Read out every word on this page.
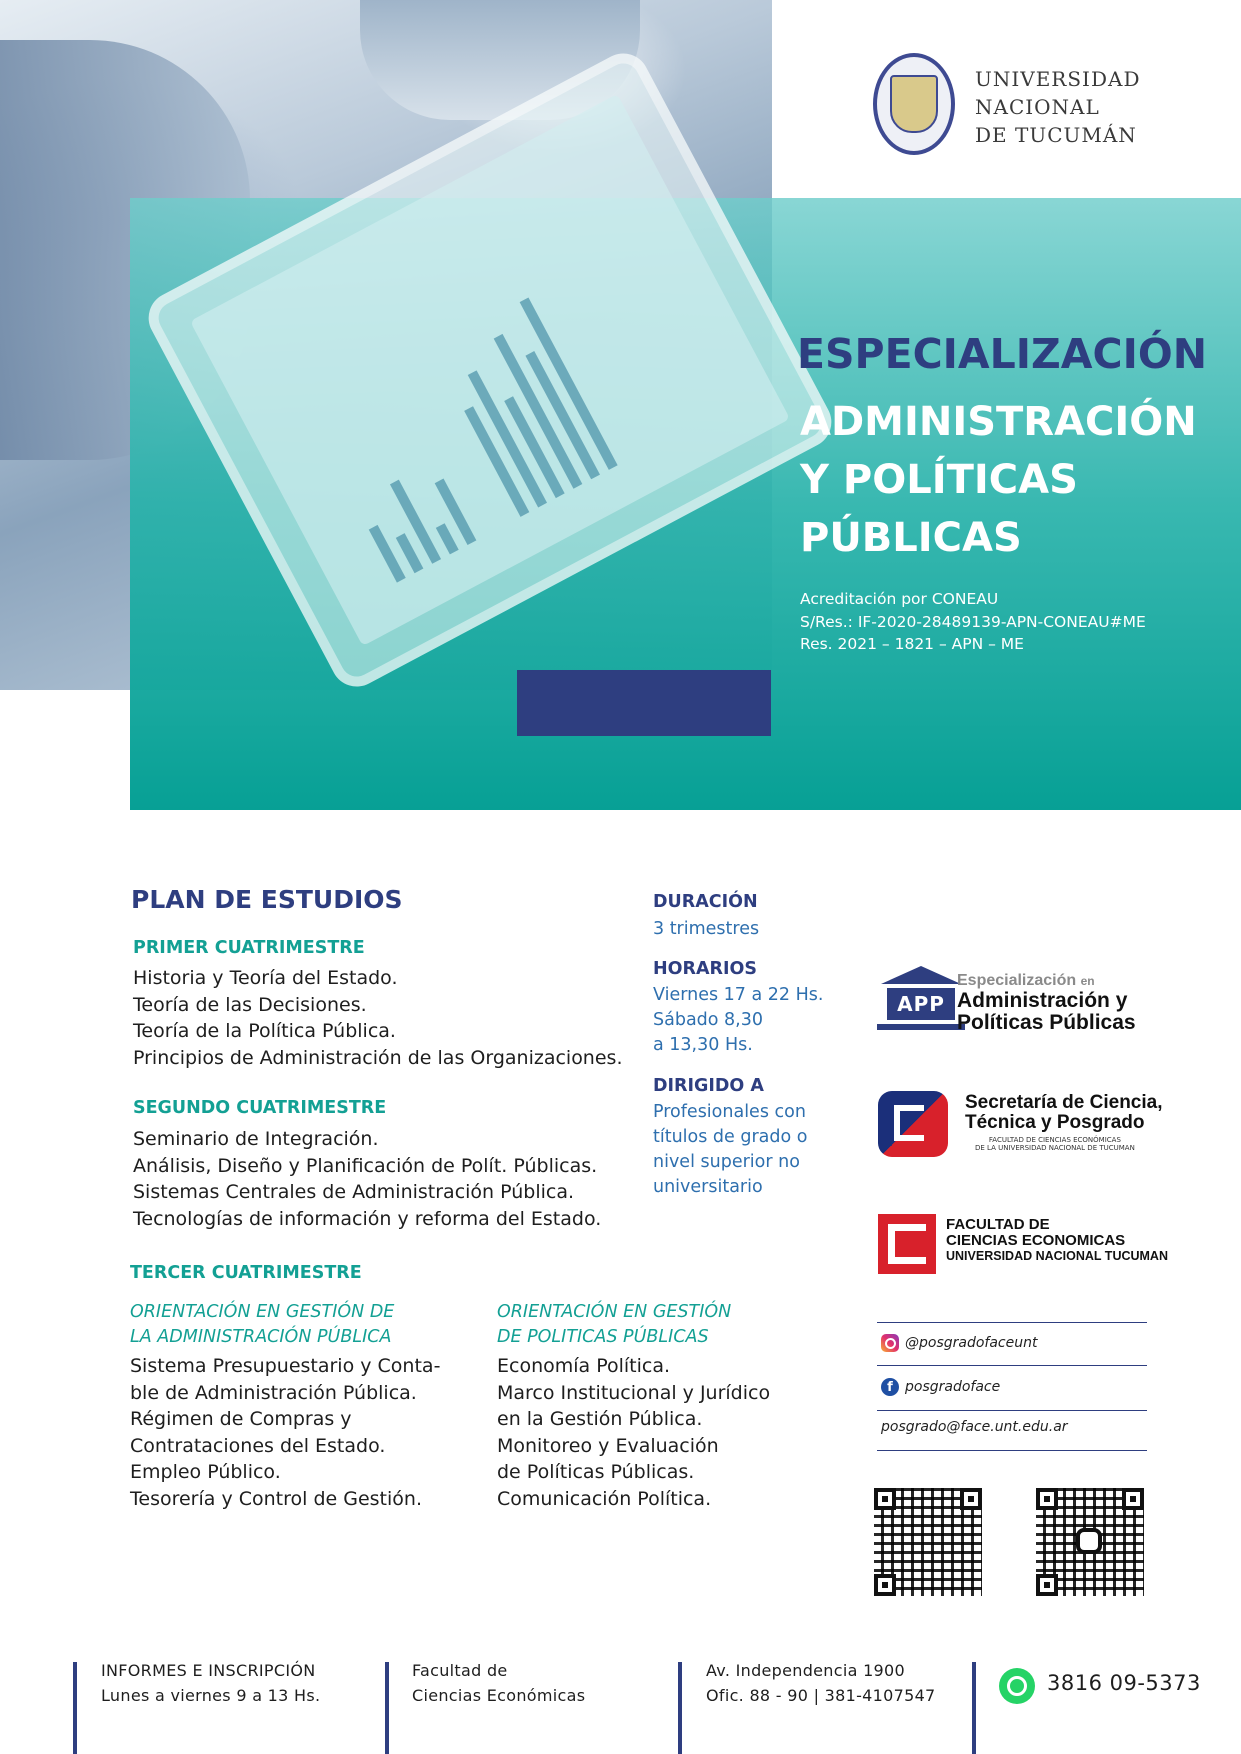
UNIVERSIDAD
NACIONAL
DE TUCUMÁN
ESPECIALIZACIÓN
ADMINISTRACIÓN
Y POLÍTICAS
PÚBLICAS
Acreditación por CONEAU
S/Res.: IF-2020-28489139-APN-CONEAU#ME
Res. 2021 – 1821 – APN – ME
PLAN DE ESTUDIOS
PRIMER CUATRIMESTRE
Historia y Teoría del Estado.
Teoría de las Decisiones.
Teoría de la Política Pública.
Principios de Administración de las Organizaciones.
SEGUNDO CUATRIMESTRE
Seminario de Integración.
Análisis, Diseño y Planificación de Polít. Públicas.
Sistemas Centrales de Administración Pública.
Tecnologías de información y reforma del Estado.
TERCER CUATRIMESTRE
ORIENTACIÓN EN GESTIÓN DE
LA ADMINISTRACIÓN PÚBLICA
Sistema Presupuestario y Conta-
ble de Administración Pública.
Régimen de Compras y
Contrataciones del Estado.
Empleo Público.
Tesorería y Control de Gestión.
ORIENTACIÓN EN GESTIÓN
DE POLITICAS PÚBLICAS
Economía Política.
Marco Institucional y Jurídico
en la Gestión Pública.
Monitoreo y Evaluación
de Políticas Públicas.
Comunicación Política.
DURACIÓN
3 trimestres
HORARIOS
Viernes 17 a 22 Hs.
Sábado 8,30
a 13,30 Hs.
DIRIGIDO A
Profesionales con
títulos de grado o
nivel superior no
universitario
APP
Especialización en
Administración y
Políticas Públicas
Secretaría de Ciencia,
Técnica y Posgrado
FACULTAD DE CIENCIAS ECONÓMICAS
DE LA UNIVERSIDAD NACIONAL DE TUCUMAN
FACULTAD DE
CIENCIAS ECONOMICAS
UNIVERSIDAD NACIONAL TUCUMAN
@posgradofaceunt
f posgradoface
posgrado@face.unt.edu.ar
INFORMES E INSCRIPCIÓN
Lunes a viernes 9 a 13 Hs.
Facultad de
Ciencias Económicas
Av. Independencia 1900
Ofic. 88 - 90 | 381-4107547
3816 09-5373
